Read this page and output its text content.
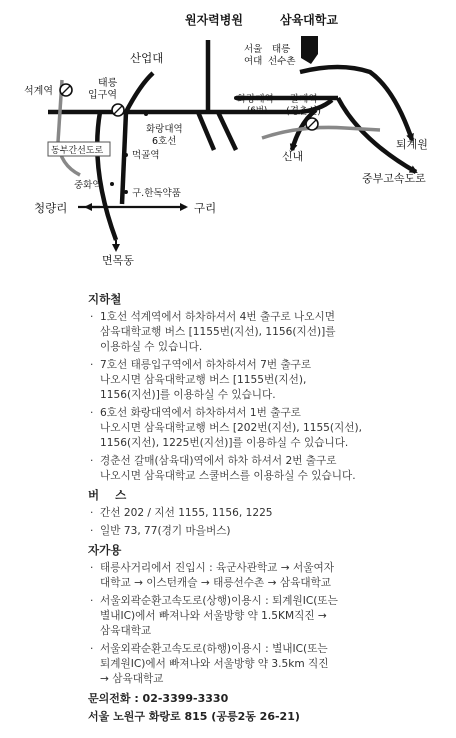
동부간선도로
원자력병원	삼육대학교
서울
여대
태릉
선수촌
산업대
석계역
태릉
입구역	화랑대역
(6번)
갈매역
(경춘선)
화랑대역
6호선
먹골역	신내
퇴계원
중부고속도로
중화역
구.한독약품
청량리	구리
면목동
지하철
· 1호선 석계역에서 하차하셔서 4번 출구로 나오시면
삼육대학교행 버스 [1155번(지선), 1156(지선)]를
이용하실 수 있습니다.
· 7호선 태릉입구역에서 하차하셔서 7번 출구로
나오시면 삼육대학교행 버스 [1155번(지선),
1156(지선)]를 이용하실 수 있습니다.
· 6호선 화랑대역에서 하차하셔서 1번 출구로
나오시면 삼육대학교행 버스 [202번(지선), 1155(지선),
1156(지선), 1225번(지선)]를 이용하실 수 있습니다.
· 경춘선 갈매(삼육대)역에서 하차 하셔서 2번 출구로
나오시면 삼육대학교 스쿨버스를 이용하실 수 있습니다.
버    스
· 간선 202 / 지선 1155, 1156, 1225
· 일반 73, 77(경기 마을버스)
자가용
· 태릉사거리에서 진입시 : 육군사관학교 → 서울여자
대학교 → 이스턴캐슬 → 태릉선수촌 → 삼육대학교
· 서울외곽순환고속도로(상행)이용시 : 퇴계원IC(또는
별내IC)에서 빠져나와 서울방향 약 1.5KM직진 →
삼육대학교
· 서울외곽순환고속도로(하행)이용시 : 별내IC(또는
퇴계원IC)에서 빠져나와 서울방향 약 3.5km 직진
→ 삼육대학교
문의전화 : 02-3399-3330
서울 노원구 화랑로 815 (공릉2동 26-21)
